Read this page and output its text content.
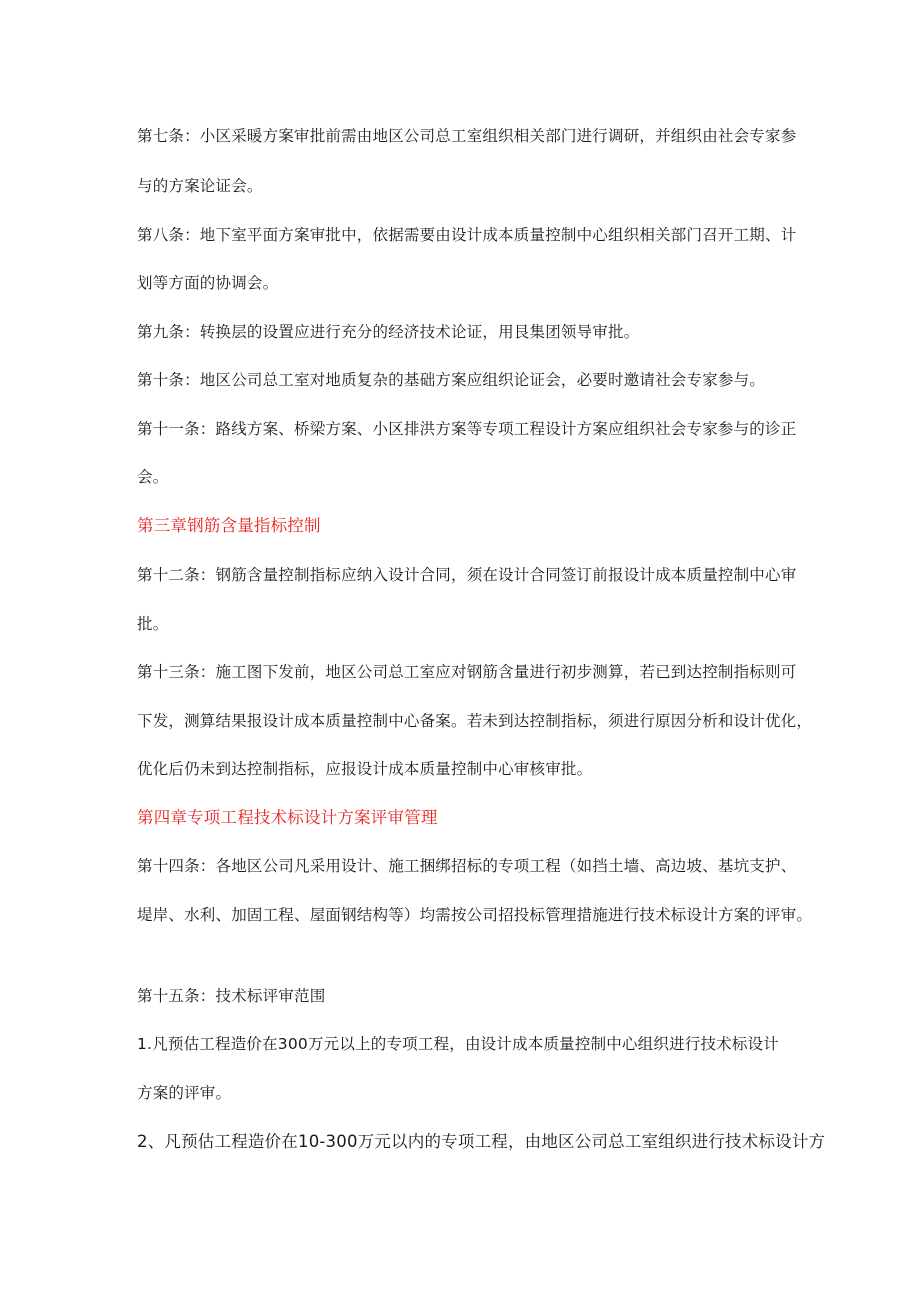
第七条：小区采暖方案审批前需由地区公司总工室组织相关部门进行调研，并组织由社会专家参
与的方案论证会。
第八条：地下室平面方案审批中，依据需要由设计成本质量控制中心组织相关部门召开工期、计
划等方面的协调会。
第九条：转换层的设置应进行充分的经济技术论证，用艮集团领导审批。
第十条：地区公司总工室对地质复杂的基础方案应组织论证会，必要时邀请社会专家参与。
第十一条：路线方案、桥梁方案、小区排洪方案等专项工程设计方案应组织社会专家参与的诊正
会。
第三章钢筋含量指标控制
第十二条：钢筋含量控制指标应纳入设计合同，须在设计合同签订前报设计成本质量控制中心审
批。
第十三条：施工图下发前，地区公司总工室应对钢筋含量进行初步测算，若已到达控制指标则可
下发，测算结果报设计成本质量控制中心备案。若未到达控制指标，须进行原因分析和设计优化，
优化后仍未到达控制指标，应报设计成本质量控制中心审核审批。
第四章专项工程技术标设计方案评审管理
第十四条：各地区公司凡采用设计、施工捆绑招标的专项工程（如挡土墙、高边坡、基坑支护、
堤岸、水利、加固工程、屋面钢结构等）均需按公司招投标管理措施进行技术标设计方案的评审。
第十五条：技术标评审范围
1.凡预估工程造价在300万元以上的专项工程，由设计成本质量控制中心组织进行技术标设计
方案的评审。
2、凡预估工程造价在10-300万元以内的专项工程，由地区公司总工室组织进行技术标设计方
